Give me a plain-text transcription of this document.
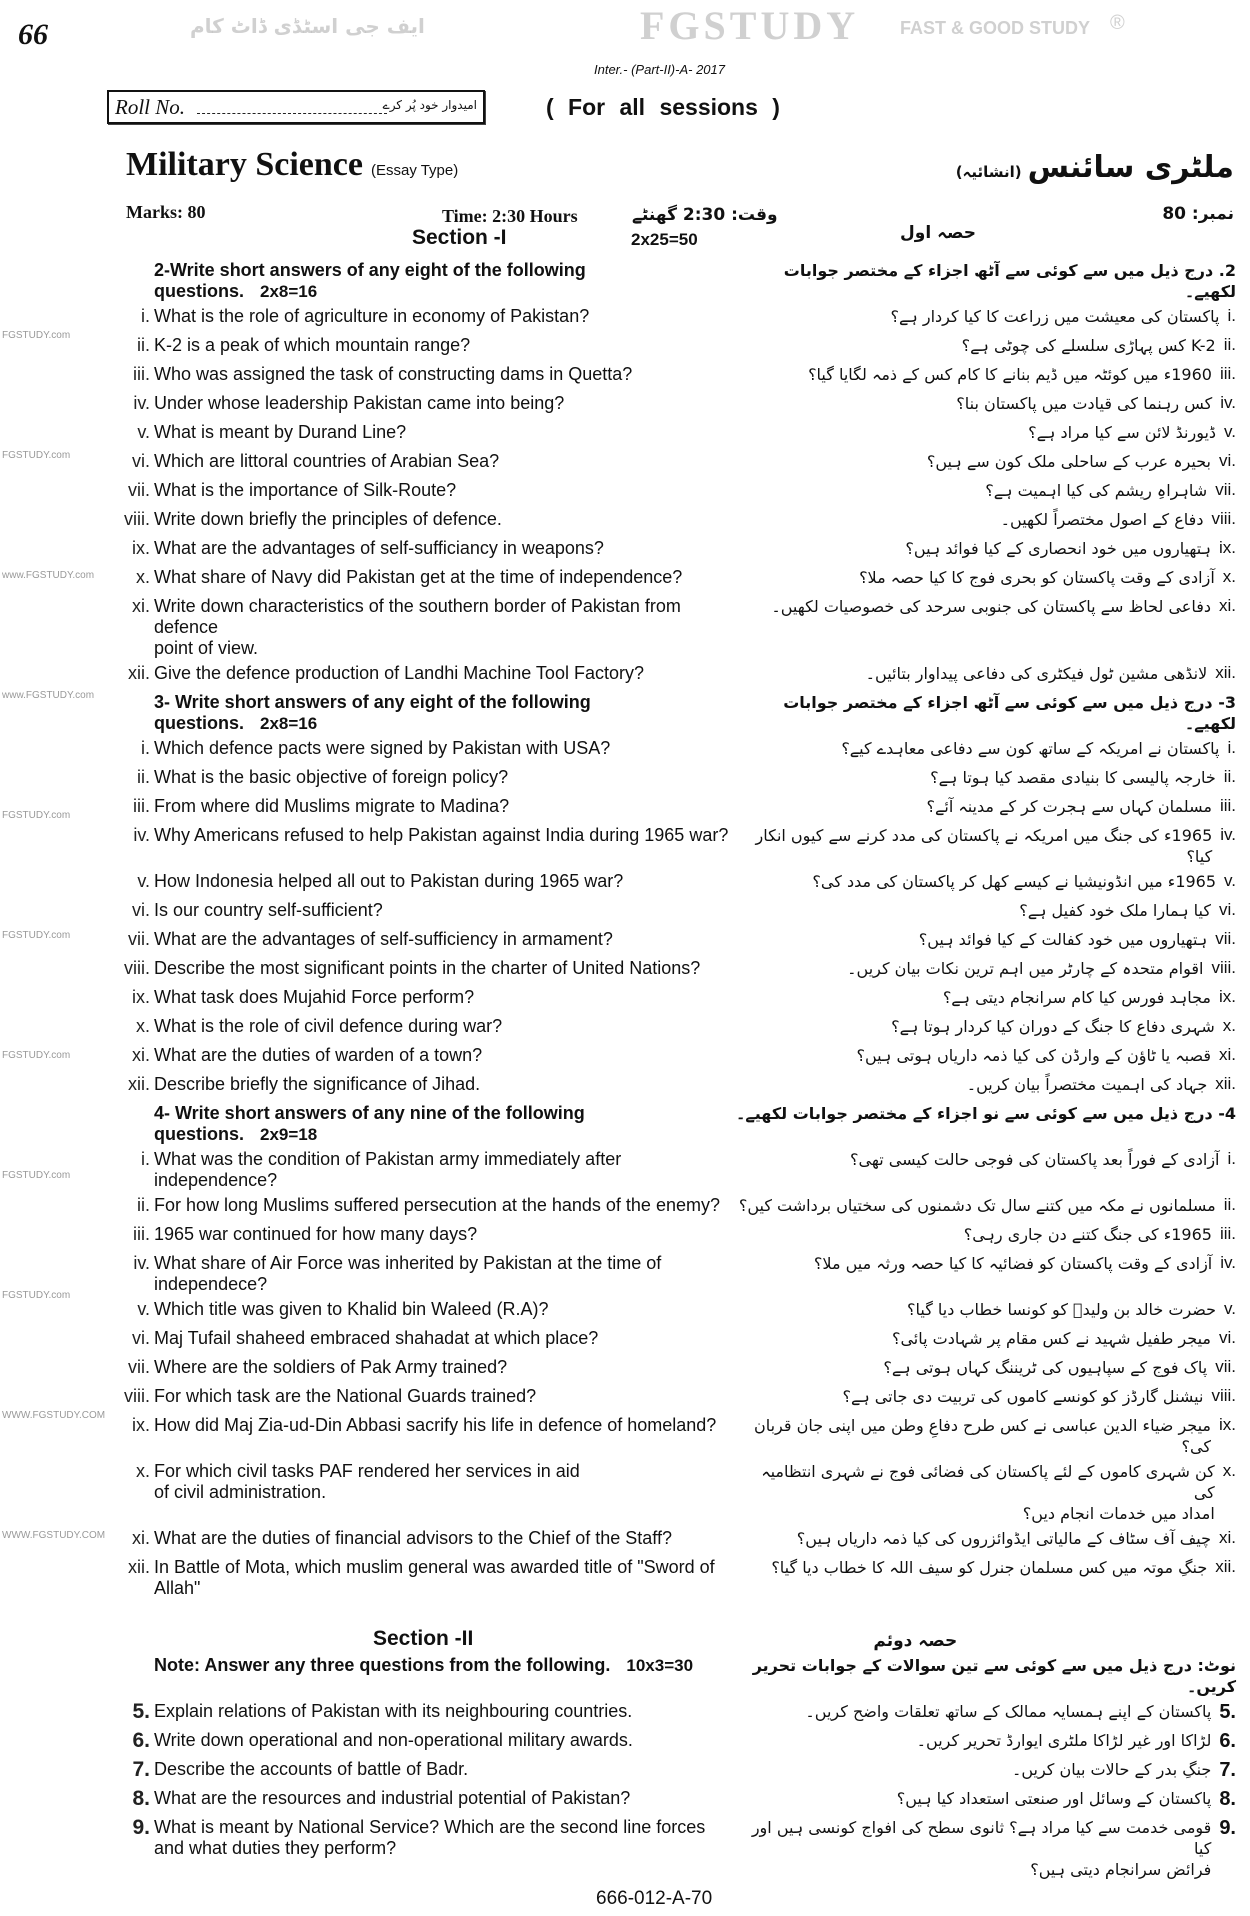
66
Inter.- (Part-II)-A- 2017
Roll No.	امیدوار خود پُر کرے	( For all sessions )
Military Science (Essay Type)	ملٹری سائنس(انشائیہ)
Marks: 80	Time: 2:30 Hours	وقت: 2:30 گھنٹے	نمبر: 80
Section -I	2x25=50	حصہ اول
2-Write short answers of any eight of the following questions. 2x8=16
2. درج ذیل میں سے کوئی سے آٹھ اجزاء کے مختصر جوابات لکھیے۔
i. What is the role of agriculture in economy of Pakistan?	i.
پاکستان کی معیشت میں زراعت کا کیا کردار ہے؟
ii. K-2 is a peak of which mountain range?	ii.
K-2 کس پہاڑی سلسلے کی چوٹی ہے؟
iii. Who was assigned the task of constructing dams in Quetta?	iii.
1960ء میں کوئٹہ میں ڈیم بنانے کا کام کس کے ذمہ لگایا گیا؟
iv. Under whose leadership Pakistan came into being?	iv.
کس رہنما کی قیادت میں پاکستان بنا؟
v. What is meant by Durand Line?	v.
ڈیورنڈ لائن سے کیا مراد ہے؟
vi. Which are littoral countries of Arabian Sea?	vi.
بحیرہ عرب کے ساحلی ملک کون سے ہیں؟
vii. What is the importance of Silk-Route?	vii.
شاہراہِ ریشم کی کیا اہمیت ہے؟
viii. Write down briefly the principles of defence.	viii.
دفاع کے اصول مختصراً لکھیں۔
ix. What are the advantages of self-sufficiancy in weapons?	ix.
ہتھیاروں میں خود انحصاری کے کیا فوائد ہیں؟
x. What share of Navy did Pakistan get at the time of independence?	x.
آزادی کے وقت پاکستان کو بحری فوج کا کیا حصہ ملا؟
xi. Write down characteristics of the southern border of Pakistan from defence
point of view.
xi.
دفاعی لحاظ سے پاکستان کی جنوبی سرحد کی خصوصیات لکھیں۔
xii. Give the defence production of Landhi Machine Tool Factory?	xii.
لانڈھی مشین ٹول فیکٹری کی دفاعی پیداوار بتائیں۔
3- Write short answers of any eight of the following questions. 2x8=16
3- درج ذیل میں سے کوئی سے آٹھ اجزاء کے مختصر جوابات لکھیے۔
i. Which defence pacts were signed by Pakistan with USA?	i.
پاکستان نے امریکہ کے ساتھ کون سے دفاعی معاہدے کیے؟
ii. What is the basic objective of foreign policy?	ii.
خارجہ پالیسی کا بنیادی مقصد کیا ہوتا ہے؟
iii. From where did Muslims migrate to Madina?	iii.
مسلمان کہاں سے ہجرت کر کے مدینہ آئے؟
iv. Why Americans refused to help Pakistan against India during 1965 war?	iv.
1965ء کی جنگ میں امریکہ نے پاکستان کی مدد کرنے سے کیوں انکار کیا؟
v. How Indonesia helped all out to Pakistan during 1965 war?	v.
1965ء میں انڈونیشیا نے کیسے کھل کر پاکستان کی مدد کی؟
vi. Is our country self-sufficient?	vi.
کیا ہمارا ملک خود کفیل ہے؟
vii. What are the advantages of self-sufficiency in armament?	vii.
ہتھیاروں میں خود کفالت کے کیا فوائد ہیں؟
viii. Describe the most significant points in the charter of United Nations?	viii.
اقوام متحدہ کے چارٹر میں اہم ترین نکات بیان کریں۔
ix. What task does Mujahid Force perform?	ix.
مجاہد فورس کیا کام سرانجام دیتی ہے؟
x. What is the role of civil defence during war?	x.
شہری دفاع کا جنگ کے دوران کیا کردار ہوتا ہے؟
xi. What are the duties of warden of a town?	xi.
قصبہ یا ٹاؤن کے وارڈن کی کیا ذمہ داریاں ہوتی ہیں؟
xii. Describe briefly the significance of Jihad.	xii.
جہاد کی اہمیت مختصراً بیان کریں۔
4- Write short answers of any nine of the following questions. 2x9=18
4- درج ذیل میں سے کوئی سے نو اجزاء کے مختصر جوابات لکھیے۔
i. What was the condition of Pakistan army immediately after independence?
i.
آزادی کے فوراً بعد پاکستان کی فوجی حالت کیسی تھی؟
ii. For how long Muslims suffered persecution at the hands of the enemy?	ii.
مسلمانوں نے مکہ میں کتنے سال تک دشمنوں کی سختیاں برداشت کیں؟
iii. 1965 war continued for how many days?	iii.
1965ء کی جنگ کتنے دن جاری رہی؟
iv. What share of Air Force was inherited by Pakistan at the time of independece?
iv.
آزادی کے وقت پاکستان کو فضائیہ کا کیا حصہ ورثہ میں ملا؟
v. Which title was given to Khalid bin Waleed (R.A)?	v.
حضرت خالد بن ولیدؓ کو کونسا خطاب دیا گیا؟
vi. Maj Tufail shaheed embraced shahadat at which place?	vi.
میجر طفیل شہید نے کس مقام پر شہادت پائی؟
vii. Where are the soldiers of Pak Army trained?	vii.
پاک فوج کے سپاہیوں کی ٹریننگ کہاں ہوتی ہے؟
viii. For which task are the National Guards trained?	viii.
نیشنل گارڈز کو کونسے کاموں کی تربیت دی جاتی ہے؟
ix. How did Maj Zia-ud-Din Abbasi sacrify his life in defence of homeland?	ix.
میجر ضیاء الدین عباسی نے کس طرح دفاعِ وطن میں اپنی جان قربان کی؟
x. For which civil tasks PAF rendered her services in aid
of civil administration.
x.
کن شہری کاموں کے لئے پاکستان کی فضائی فوج نے شہری انتظامیہ کی
امداد میں خدمات انجام دیں؟
xi. What are the duties of financial advisors to the Chief of the Staff?	xi.
چیف آف سٹاف کے مالیاتی ایڈوائزروں کی کیا ذمہ داریاں ہیں؟
xii. In Battle of Mota, which muslim general was awarded title of "Sword of Allah"
xii.
جنگِ موتہ میں کس مسلمان جنرل کو سیف اللہ کا خطاب دیا گیا؟
Section -II	حصہ دوئم
Note: Answer any three questions from the following. 10x3=30	نوٹ: درج ذیل میں سے کوئی سے تین سوالات کے جوابات تحریر کریں۔
5. Explain relations of Pakistan with its neighbouring countries.	5.
پاکستان کے اپنے ہمسایہ ممالک کے ساتھ تعلقات واضح کریں۔
6. Write down operational and non-operational military awards.	6.
لڑاکا اور غیر لڑاکا ملٹری ایوارڈ تحریر کریں۔
7. Describe the accounts of battle of Badr.	7.
جنگِ بدر کے حالات بیان کریں۔
8. What are the resources and industrial potential of Pakistan?	8.
پاکستان کے وسائل اور صنعتی استعداد کیا ہیں؟
9. What is meant by National Service? Which are the second line forces
and what duties they perform?
9.
قومی خدمت سے کیا مراد ہے؟ ثانوی سطح کی افواج کونسی ہیں اور کیا
فرائض سرانجام دیتی ہیں؟
666-012-A-70
FGSTUDY.com
FGSTUDY.com
www.FGSTUDY.com
www.FGSTUDY.com
FGSTUDY.com
FGSTUDY.com
FGSTUDY.com
FGSTUDY.com
FGSTUDY.com
WWW.FGSTUDY.COM
WWW.FGSTUDY.COM
ایف جی اسٹڈی ڈاٹ کام	FGSTUDY FAST & GOOD STUDY ®
